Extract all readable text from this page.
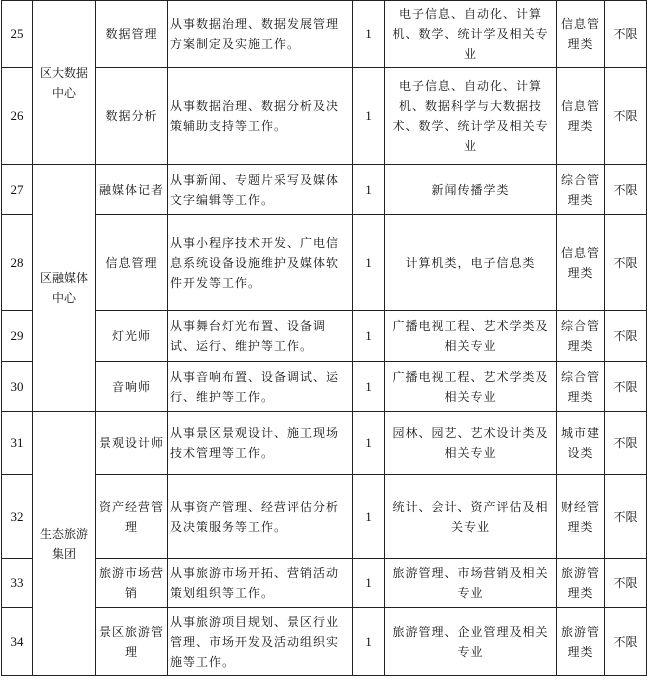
25	区大数据中心	数据管理	从事数据治理、数据发展管理方案制定及实施工作。	1	电子信息、自动化、计算机、数学、统计学及相关专业	信息管理类	不限
26		数据分析	从事数据治理、数据分析及决策辅助支持等工作。	1	电子信息、自动化、计算机、数据科学与大数据技术、数学、统计学及相关专业	信息管理类	不限
27	区融媒体中心	融媒体记者	从事新闻、专题片采写及媒体文字编辑等工作。	1	新闻传播学类	综合管理类	不限
28		信息管理	从事小程序技术开发、广电信息系统设备设施维护及媒体软件开发等工作。	1	计算机类，电子信息类	信息管理类	不限
29		灯光师	从事舞台灯光布置、设备调试、运行、维护等工作。	1	广播电视工程、艺术学类及相关专业	综合管理类	不限
30		音响师	从事音响布置、设备调试、运行、维护等工作。	1	广播电视工程、艺术学类及相关专业	综合管理类	不限
31	生态旅游集团	景观设计师	从事景区景观设计、施工现场技术管理等工作。	1	园林、园艺、艺术设计类及相关专业	城市建设类	不限
32		资产经营管理	从事资产管理、经营评估分析及决策服务等工作。	1	统计、会计、资产评估及相关专业	财经管理类	不限
33		旅游市场营销	从事旅游市场开拓、营销活动策划组织等工作。	1	旅游管理、市场营销及相关专业	旅游管理类	不限
34		景区旅游管理	从事旅游项目规划、景区行业管理、市场开发及活动组织实施等工作。	1	旅游管理、企业管理及相关专业	旅游管理类	不限
